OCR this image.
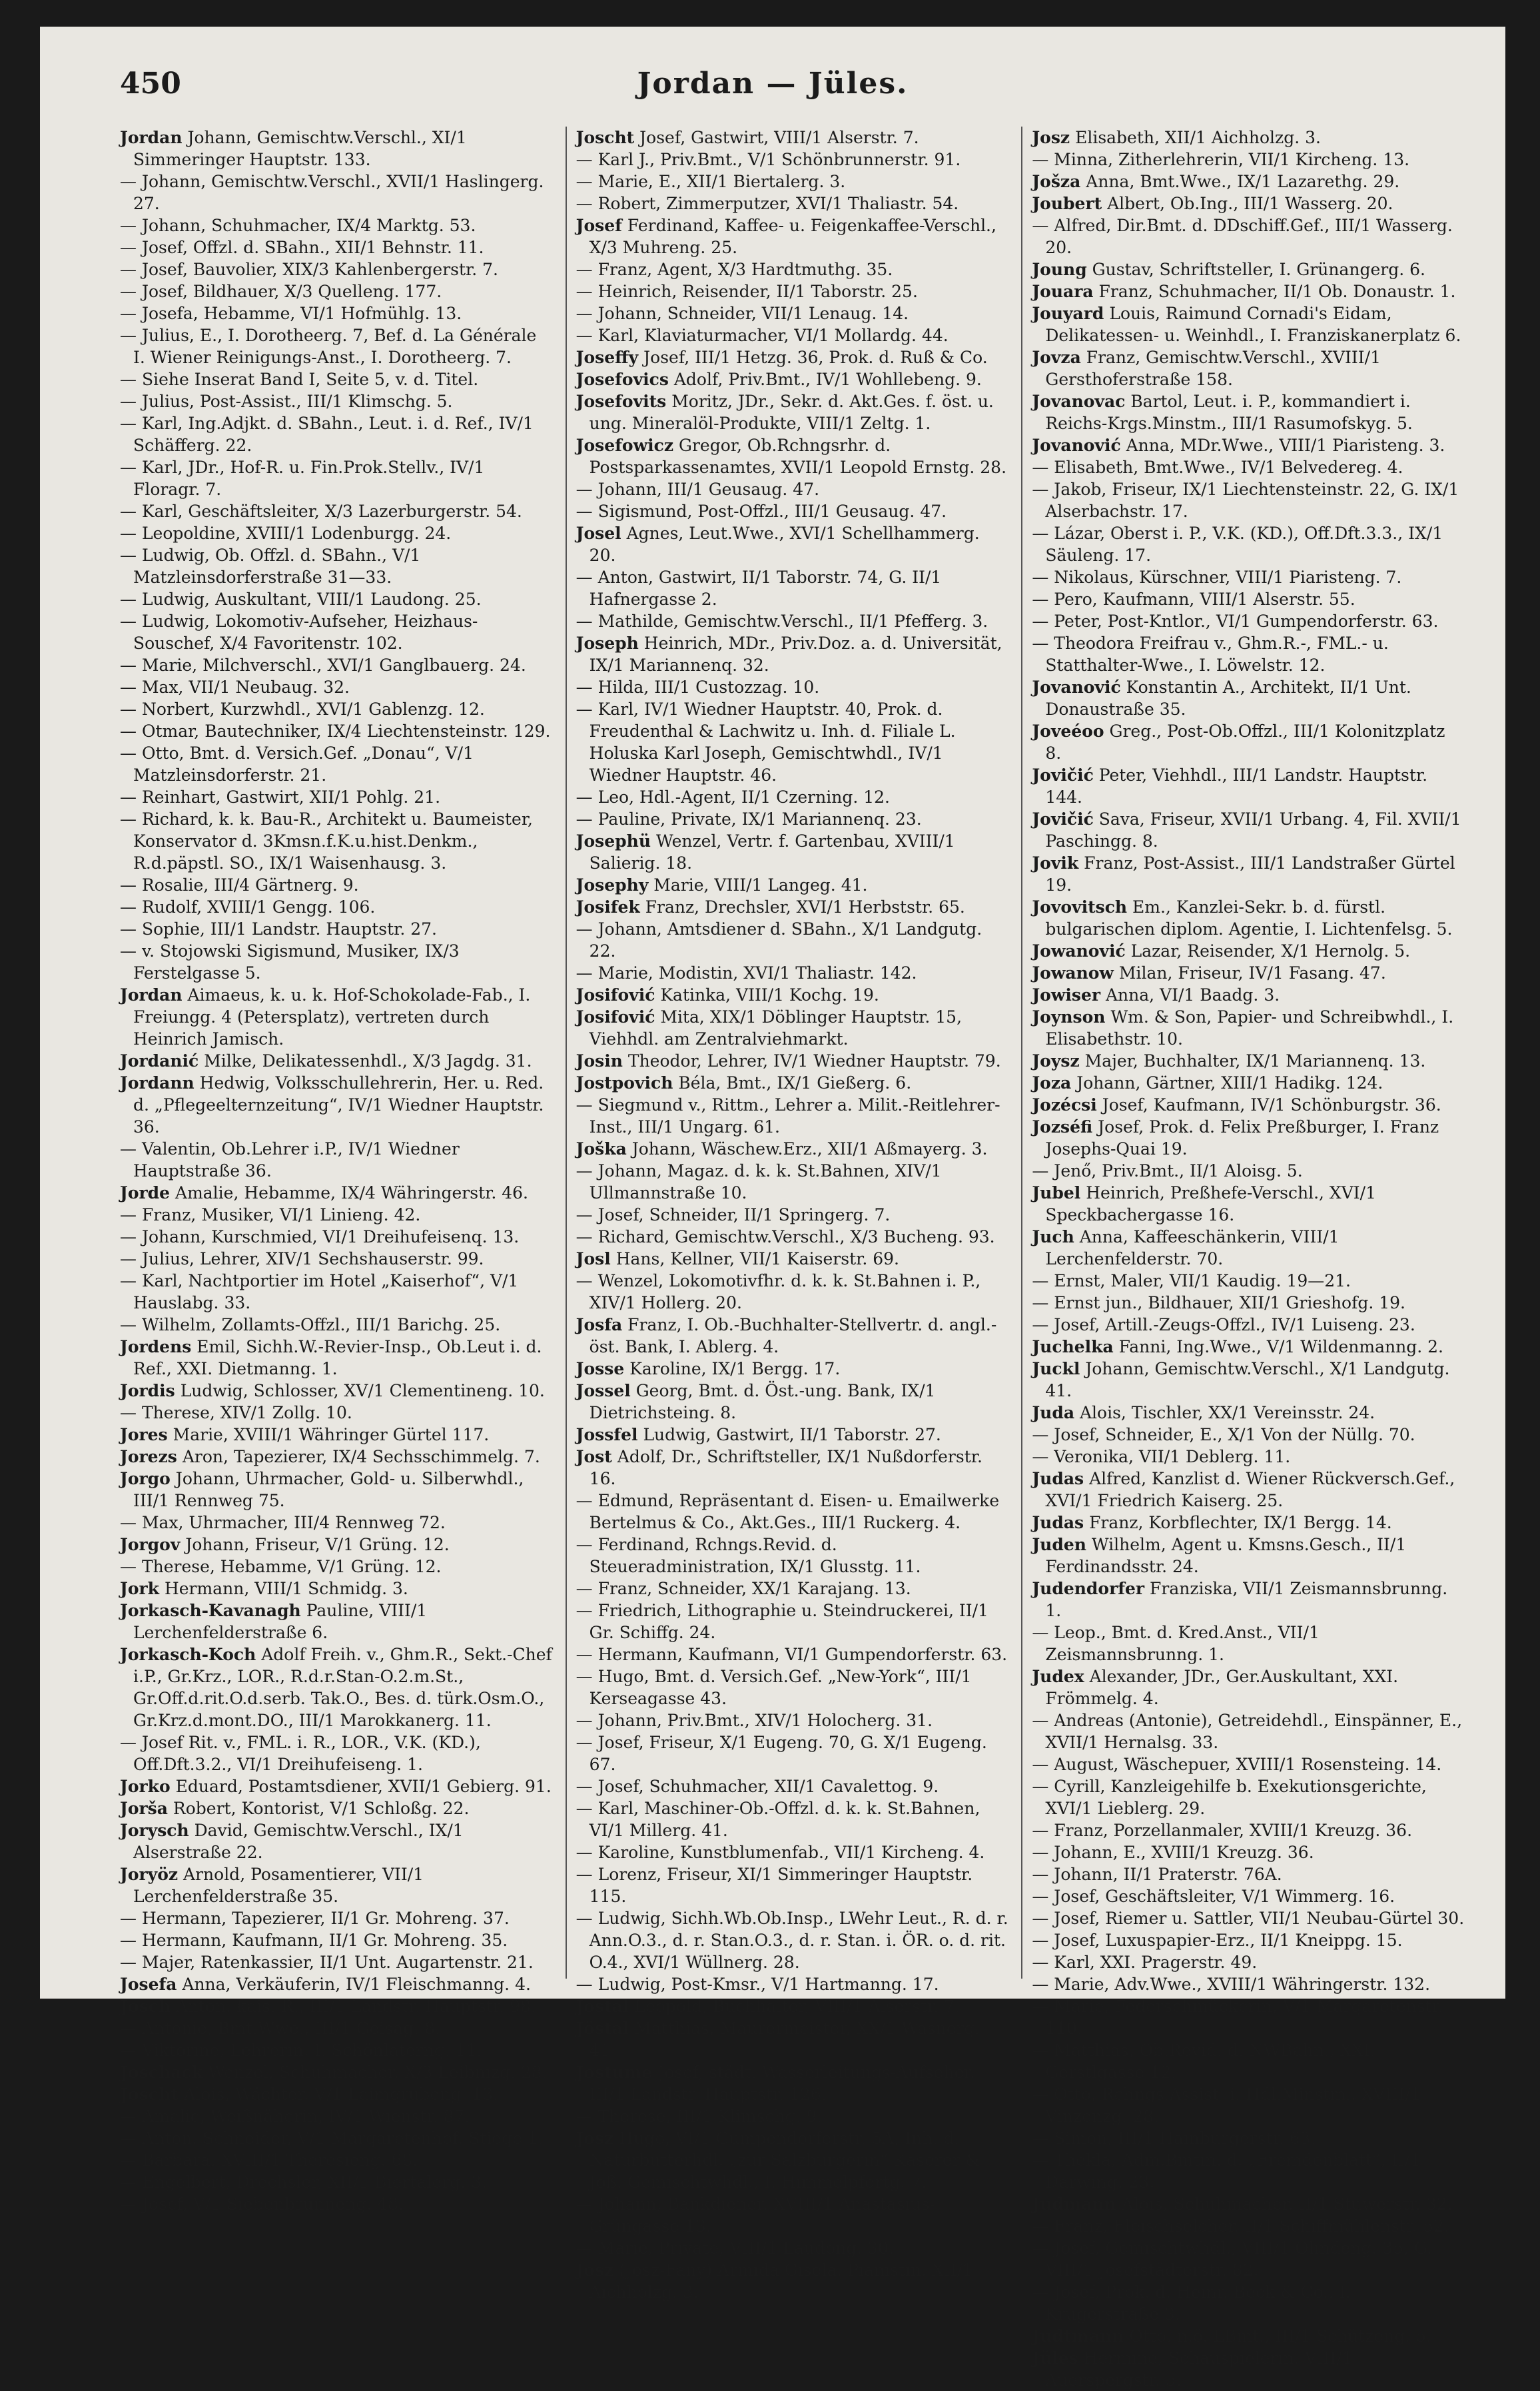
450	Jordan — Jüles.

Jordan Johann, Gemischtw.Verschl., XI/1 Simmeringer Hauptstr. 133.

— Johann, Gemischtw.Verschl., XVII/1 Haslingerg. 27.

— Johann, Schuhmacher, IX/4 Marktg. 53.

— Josef, Offzl. d. SBahn., XII/1 Behnstr. 11.

— Josef, Bauvolier, XIX/3 Kahlenbergerstr. 7.

— Josef, Bildhauer, X/3 Quelleng. 177.

— Josefa, Hebamme, VI/1 Hofmühlg. 13.

— Julius, E., I. Dorotheerg. 7, Bef. d. La Générale I. Wiener Reinigungs-Anst., I. Dorotheerg. 7.

— Siehe Inserat Band I, Seite 5, v. d. Titel.

— Julius, Post-Assist., III/1 Klimschg. 5.

— Karl, Ing.Adjkt. d. SBahn., Leut. i. d. Ref., IV/1 Schäfferg. 22.

— Karl, JDr., Hof-R. u. Fin.Prok.Stellv., IV/1 Floragr. 7.

— Karl, Geschäftsleiter, X/3 Lazerburgerstr. 54.

— Leopoldine, XVIII/1 Lodenburgg. 24.

— Ludwig, Ob. Offzl. d. SBahn., V/1 Matzleinsdorferstraße 31—33.

— Ludwig, Auskultant, VIII/1 Laudong. 25.

— Ludwig, Lokomotiv-Aufseher, Heizhaus-Souschef, X/4 Favoritenstr. 102.

— Marie, Milchverschl., XVI/1 Ganglbauerg. 24.

— Max, VII/1 Neubaug. 32.

— Norbert, Kurzwhdl., XVI/1 Gablenzg. 12.

— Otmar, Bautechniker, IX/4 Liechtensteinstr. 129.

— Otto, Bmt. d. Versich.Gef. „Donau“, V/1 Matzleinsdorferstr. 21.

— Reinhart, Gastwirt, XII/1 Pohlg. 21.

— Richard, k. k. Bau-R., Architekt u. Baumeister, Konservator d. 3Kmsn.f.K.u.hist.Denkm., R.d.päpstl. SO., IX/1 Waisenhausg. 3.

— Rosalie, III/4 Gärtnerg. 9.

— Rudolf, XVIII/1 Gengg. 106.

— Sophie, III/1 Landstr. Hauptstr. 27.

— v. Stojowski Sigismund, Musiker, IX/3 Ferstelgasse 5.

Jordan Aimaeus, k. u. k. Hof-Schokolade-Fab., I. Freiungg. 4 (Petersplatz), vertreten durch Heinrich Jamisch.

Jordanić Milke, Delikatessenhdl., X/3 Jagdg. 31.

Jordann Hedwig, Volksschullehrerin, Her. u. Red. d. „Pflegeelternzeitung“, IV/1 Wiedner Hauptstr. 36.

— Valentin, Ob.Lehrer i.P., IV/1 Wiedner Hauptstraße 36.

Jorde Amalie, Hebamme, IX/4 Währingerstr. 46.

— Franz, Musiker, VI/1 Linieng. 42.

— Johann, Kurschmied, VI/1 Dreihufeisenq. 13.

— Julius, Lehrer, XIV/1 Sechshauserstr. 99.

— Karl, Nachtportier im Hotel „Kaiserhof“, V/1 Hauslabg. 33.

— Wilhelm, Zollamts-Offzl., III/1 Barichg. 25.

Jordens Emil, Sichh.W.-Revier-Insp., Ob.Leut i. d. Ref., XXI. Dietmanng. 1.

Jordis Ludwig, Schlosser, XV/1 Clementineng. 10.

— Therese, XIV/1 Zollg. 10.

Jores Marie, XVIII/1 Währinger Gürtel 117.

Jorezs Aron, Tapezierer, IX/4 Sechsschimmelg. 7.

Jorgo Johann, Uhrmacher, Gold- u. Silberwhdl., III/1 Rennweg 75.

— Max, Uhrmacher, III/4 Rennweg 72.

Jorgov Johann, Friseur, V/1 Grüng. 12.

— Therese, Hebamme, V/1 Grüng. 12.

Jork Hermann, VIII/1 Schmidg. 3.

Jorkasch-Kavanagh Pauline, VIII/1 Lerchenfelderstraße 6.

Jorkasch-Koch Adolf Freih. v., Ghm.R., Sekt.-Chef i.P., Gr.Krz., LOR., R.d.r.Stan-O.2.m.St., Gr.Off.d.rit.O.d.serb. Tak.O., Bes. d. türk.Osm.O., Gr.Krz.d.mont.DO., III/1 Marokkanerg. 11.

— Josef Rit. v., FML. i. R., LOR., V.K. (KD.), Off.Dft.3.2., VI/1 Dreihufeiseng. 1.

Jorko Eduard, Postamtsdiener, XVII/1 Gebierg. 91.

Jorša Robert, Kontorist, V/1 Schloßg. 22.

Jorysch David, Gemischtw.Verschl., IX/1 Alserstraße 22.

Joryöz Arnold, Posamentierer, VII/1 Lerchenfelderstraße 35.

— Hermann, Tapezierer, II/1 Gr. Mohreng. 37.

— Hermann, Kaufmann, II/1 Gr. Mohreng. 35.

— Majer, Ratenkassier, II/1 Unt. Augartenstr. 21.

Josefa Anna, Verkäuferin, IV/1 Fleischmanng. 4.

Josch Anton, kais. R., III/1 Landstr. Hauptstr. 98.

— Antonie, Bmt.Wwe., III/1 Geisag. 8.

— Viktorine, Lehrerin, I. Schönlaterng. 11.

Joschack Wenzel, Schuhmacher, X/3 Leibnizg. 28.

Joscht Alois, Wächter, V/1 Laimgrubeng. 13.

— Amalie, Weißnäherin, IV/1 Wienstr. 87.

— Anton, Schneider, V/1 Margaretenhof, Stiege 1.

— Barbara, XVIII/1 Theresieng. 68.

— Engelbert, Drechsler, XII/1 Biertalerg. 3.

— Josef, V/1 Siebenbrunneng. 48.

Joscht Josef, Gastwirt, VIII/1 Alserstr. 7.

— Karl J., Priv.Bmt., V/1 Schönbrunnerstr. 91.

— Marie, E., XII/1 Biertalerg. 3.

— Robert, Zimmerputzer, XVI/1 Thaliastr. 54.

Josef Ferdinand, Kaffee- u. Feigenkaffee-Verschl., X/3 Muhreng. 25.

— Franz, Agent, X/3 Hardtmuthg. 35.

— Heinrich, Reisender, II/1 Taborstr. 25.

— Johann, Schneider, VII/1 Lenaug. 14.

— Karl, Klaviaturmacher, VI/1 Mollardg. 44.

Joseffy Josef, III/1 Hetzg. 36, Prok. d. Ruß & Co.

Josefovics Adolf, Priv.Bmt., IV/1 Wohllebeng. 9.

Josefovits Moritz, JDr., Sekr. d. Akt.Ges. f. öst. u. ung. Mineralöl-Produkte, VIII/1 Zeltg. 1.

Josefowicz Gregor, Ob.Rchngsrhr. d. Postsparkassenamtes, XVII/1 Leopold Ernstg. 28.

— Johann, III/1 Geusaug. 47.

— Sigismund, Post-Offzl., III/1 Geusaug. 47.

Josel Agnes, Leut.Wwe., XVI/1 Schellhammerg. 20.

— Anton, Gastwirt, II/1 Taborstr. 74, G. II/1 Hafnergasse 2.

— Mathilde, Gemischtw.Verschl., II/1 Pfefferg. 3.

Joseph Heinrich, MDr., Priv.Doz. a. d. Universität, IX/1 Mariannenq. 32.

— Hilda, III/1 Custozzag. 10.

— Karl, IV/1 Wiedner Hauptstr. 40, Prok. d. Freudenthal & Lachwitz u. Inh. d. Filiale L. Holuska Karl Joseph, Gemischtwhdl., IV/1 Wiedner Hauptstr. 46.

— Leo, Hdl.-Agent, II/1 Czerning. 12.

— Pauline, Private, IX/1 Mariannenq. 23.

Josephü Wenzel, Vertr. f. Gartenbau, XVIII/1 Salierig. 18.

Josephy Marie, VIII/1 Langeg. 41.

Josifek Franz, Drechsler, XVI/1 Herbststr. 65.

— Johann, Amtsdiener d. SBahn., X/1 Landgutg. 22.

— Marie, Modistin, XVI/1 Thaliastr. 142.

Josifović Katinka, VIII/1 Kochg. 19.

Josifović Mita, XIX/1 Döblinger Hauptstr. 15, Viehhdl. am Zentralviehmarkt.

Josin Theodor, Lehrer, IV/1 Wiedner Hauptstr. 79.

Jostpovich Béla, Bmt., IX/1 Gießerg. 6.

— Siegmund v., Rittm., Lehrer a. Milit.-Reitlehrer-Inst., III/1 Ungarg. 61.

Joška Johann, Wäschew.Erz., XII/1 Aßmayerg. 3.

— Johann, Magaz. d. k. k. St.Bahnen, XIV/1 Ullmannstraße 10.

— Josef, Schneider, II/1 Springerg. 7.

— Richard, Gemischtw.Verschl., X/3 Bucheng. 93.

Josl Hans, Kellner, VII/1 Kaiserstr. 69.

— Wenzel, Lokomotivfhr. d. k. k. St.Bahnen i. P., XIV/1 Hollerg. 20.

Josfa Franz, I. Ob.-Buchhalter-Stellvertr. d. angl.-öst. Bank, I. Ablerg. 4.

Josse Karoline, IX/1 Bergg. 17.

Jossel Georg, Bmt. d. Öst.-ung. Bank, IX/1 Dietrichsteing. 8.

Jossfel Ludwig, Gastwirt, II/1 Taborstr. 27.

Jost Adolf, Dr., Schriftsteller, IX/1 Nußdorferstr. 16.

— Edmund, Repräsentant d. Eisen- u. Emailwerke Bertelmus & Co., Akt.Ges., III/1 Ruckerg. 4.

— Ferdinand, Rchngs.Revid. d. Steueradministration, IX/1 Glusstg. 11.

— Franz, Schneider, XX/1 Karajang. 13.

— Friedrich, Lithographie u. Steindruckerei, II/1 Gr. Schiffg. 24.

— Hermann, Kaufmann, VI/1 Gumpendorferstr. 63.

— Hugo, Bmt. d. Versich.Gef. „New-York“, III/1 Kerseagasse 43.

— Johann, Priv.Bmt., XIV/1 Holocherg. 31.

— Josef, Friseur, X/1 Eugeng. 70, G. X/1 Eugeng. 67.

— Josef, Schuhmacher, XII/1 Cavalettog. 9.

— Karl, Maschiner-Ob.-Offzl. d. k. k. St.Bahnen, VI/1 Millerg. 41.

— Karoline, Kunstblumenfab., VII/1 Kircheng. 4.

— Lorenz, Friseur, XI/1 Simmeringer Hauptstr. 115.

— Ludwig, Sichh.Wb.Ob.Insp., LWehr Leut., R. d. r. Ann.O.3., d. r. Stan.O.3., d. r. Stan. i. ÖR. o. d. rit. O.4., XVI/1 Wüllnerg. 28.

— Ludwig, Post-Kmsr., V/1 Hartmanng. 17.

Jostal Leopold, Buchhalter, VIII/1 Alserstr. 7.

Jöstal Matthias, Maurermeister, XX/1 Wasnerg. 41.

Jostume Josef, städt. Wasserleitungs-Aufseher, III/1 Landstr. Hauptstr. 126.

— Therese, III/1 Klimschg. 9.

Josz Hugo, VI/1 Gumpendorferstr. 5A, Inh. d. Naturbutterhdl. „zur Salzburgerin“ Kaserer & Joß, Gemischtwhdl., I. Himmelpfortg. 7.

— Johann, Bankdiener, XVIII/1 Anastasius-Grüngasse 13.

— Marie, Private, VIII/1 Laudong. 30.

Josz (Josz-Fany) Armida Gisela, Pianistin, XII/1 Aichholzg. 3.

Josz Elisabeth, XII/1 Aichholzg. 3.

— Minna, Zitherlehrerin, VII/1 Kircheng. 13.

Jošza Anna, Bmt.Wwe., IX/1 Lazarethg. 29.

Joubert Albert, Ob.Ing., III/1 Wasserg. 20.

— Alfred, Dir.Bmt. d. DDschiff.Gef., III/1 Wasserg. 20.

Joung Gustav, Schriftsteller, I. Grünangerg. 6.

Jouara Franz, Schuhmacher, II/1 Ob. Donaustr. 1.

Jouyard Louis, Raimund Cornadi's Eidam, Delikatessen- u. Weinhdl., I. Franziskanerplatz 6.

Jovza Franz, Gemischtw.Verschl., XVIII/1 Gersthoferstraße 158.

Jovanovac Bartol, Leut. i. P., kommandiert i. Reichs-Krgs.Minstm., III/1 Rasumofskyg. 5.

Jovanović Anna, MDr.Wwe., VIII/1 Piaristeng. 3.

— Elisabeth, Bmt.Wwe., IV/1 Belvedereg. 4.

— Jakob, Friseur, IX/1 Liechtensteinstr. 22, G. IX/1 Alserbachstr. 17.

— Lázar, Oberst i. P., V.K. (KD.), Off.Dft.3.3., IX/1 Säuleng. 17.

— Nikolaus, Kürschner, VIII/1 Piaristeng. 7.

— Pero, Kaufmann, VIII/1 Alserstr. 55.

— Peter, Post-Kntlor., VI/1 Gumpendorferstr. 63.

— Theodora Freifrau v., Ghm.R.-, FML.- u. Statthalter-Wwe., I. Löwelstr. 12.

Jovanović Konstantin A., Architekt, II/1 Unt. Donaustraße 35.

Joveéoo Greg., Post-Ob.Offzl., III/1 Kolonitzplatz 8.

Jovičić Peter, Viehhdl., III/1 Landstr. Hauptstr. 144.

Jovičić Sava, Friseur, XVII/1 Urbang. 4, Fil. XVII/1 Paschingg. 8.

Jovik Franz, Post-Assist., III/1 Landstraßer Gürtel 19.

Jovovitsch Em., Kanzlei-Sekr. b. d. fürstl. bulgarischen diplom. Agentie, I. Lichtenfelsg. 5.

Jowanović Lazar, Reisender, X/1 Hernolg. 5.

Jowanow Milan, Friseur, IV/1 Fasang. 47.

Jowiser Anna, VI/1 Baadg. 3.

Joynson Wm. & Son, Papier- und Schreibwhdl., I. Elisabethstr. 10.

Joysz Majer, Buchhalter, IX/1 Mariannenq. 13.

Joza Johann, Gärtner, XIII/1 Hadikg. 124.

Jozécsi Josef, Kaufmann, IV/1 Schönburgstr. 36.

Jozséfi Josef, Prok. d. Felix Preßburger, I. Franz Josephs-Quai 19.

— Jenő, Priv.Bmt., II/1 Aloisg. 5.

Jubel Heinrich, Preßhefe-Verschl., XVI/1 Speckbachergasse 16.

Juch Anna, Kaffeeschänkerin, VIII/1 Lerchenfelderstr. 70.

— Ernst, Maler, VII/1 Kaudig. 19—21.

— Ernst jun., Bildhauer, XII/1 Grieshofg. 19.

— Josef, Artill.-Zeugs-Offzl., IV/1 Luiseng. 23.

Juchelka Fanni, Ing.Wwe., V/1 Wildenmanng. 2.

Juckl Johann, Gemischtw.Verschl., X/1 Landgutg. 41.

Juda Alois, Tischler, XX/1 Vereinsstr. 24.

— Josef, Schneider, E., X/1 Von der Nüllg. 70.

— Veronika, VII/1 Deblerg. 11.

Judas Alfred, Kanzlist d. Wiener Rückversch.Gef., XVI/1 Friedrich Kaiserg. 25.

Judas Franz, Korbflechter, IX/1 Bergg. 14.

Juden Wilhelm, Agent u. Kmsns.Gesch., II/1 Ferdinandsstr. 24.

Judendorfer Franziska, VII/1 Zeismannsbrunng. 1.

— Leop., Bmt. d. Kred.Anst., VII/1 Zeismannsbrunng. 1.

Judex Alexander, JDr., Ger.Auskultant, XXI. Frömmelg. 4.

— Andreas (Antonie), Getreidehdl., Einspänner, E., XVII/1 Hernalsg. 33.

— August, Wäschepuer, XVIII/1 Rosensteing. 14.

— Cyrill, Kanzleigehilfe b. Exekutionsgerichte, XVI/1 Lieblerg. 29.

— Franz, Porzellanmaler, XVIII/1 Kreuzg. 36.

— Johann, E., XVIII/1 Kreuzg. 36.

— Johann, II/1 Praterstr. 76A.

— Josef, Geschäftsleiter, V/1 Wimmerg. 16.

— Josef, Riemer u. Sattler, VII/1 Neubau-Gürtel 30.

— Josef, Luxuspapier-Erz., II/1 Kneippg. 15.

— Karl, XXI. Pragerstr. 49.

— Marie, Adv.Wwe., XVIII/1 Währingerstr. 132.

— Marie, Federschmückerin, V/1 Margaretenstr. 110.

— Matthias, Ob.Revid. d. NWBahn., XXI. Gerstlgasse 12.

— Otto, Rchngs.Assist. i. Hdl.Minstm., XVIII/1 Vinzenzg. 28.

— Simon, III/1 Hainburgerstr. 63.

— Thekla, Adm.Bmtin. d. „Fremdenblatt“, II/1 Darwing. 23.

Judmann Alois, Schuhmacher, II/1 Stuwerstr. 32.

— Franz, Fleischselcher, II/1 Schiffmühlenstr. 52.

— Josef, Gemischtwhdl., VIII/1 Olindeng. 35, G. VIII/1 Josefstädterstr. 82.

— Josef, Prok. d. Heinr. Beck & Co., I. Krugerstraße 3.

Judtmann Otto, n.ö. LBmt., III/1 Schützeng. 5.

Jüles Hermine, Schauspielerin, VIII/1 Auerspergstr. 5.
